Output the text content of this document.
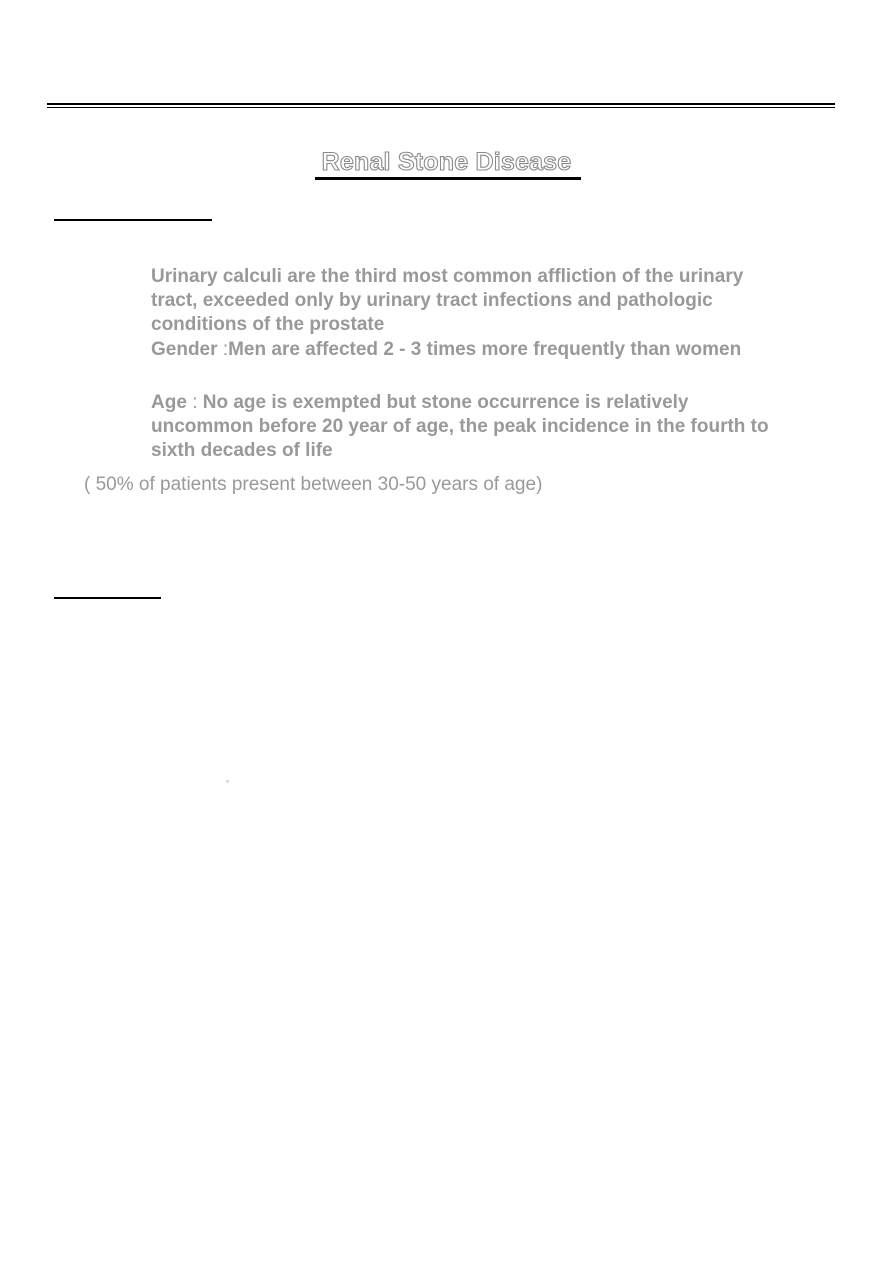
Renal Stone Disease

Urinary calculi are the third most common affliction of the urinary

tract, exceeded only by urinary tract infections and pathologic

conditions of the prostate

Gender :Men are affected 2 - 3 times more frequently than women

Age : No age is exempted but stone occurrence is relatively

uncommon before 20 year of age, the peak incidence in the fourth to

sixth decades of life

( 50% of patients present between 30-50 years of age)
◦
